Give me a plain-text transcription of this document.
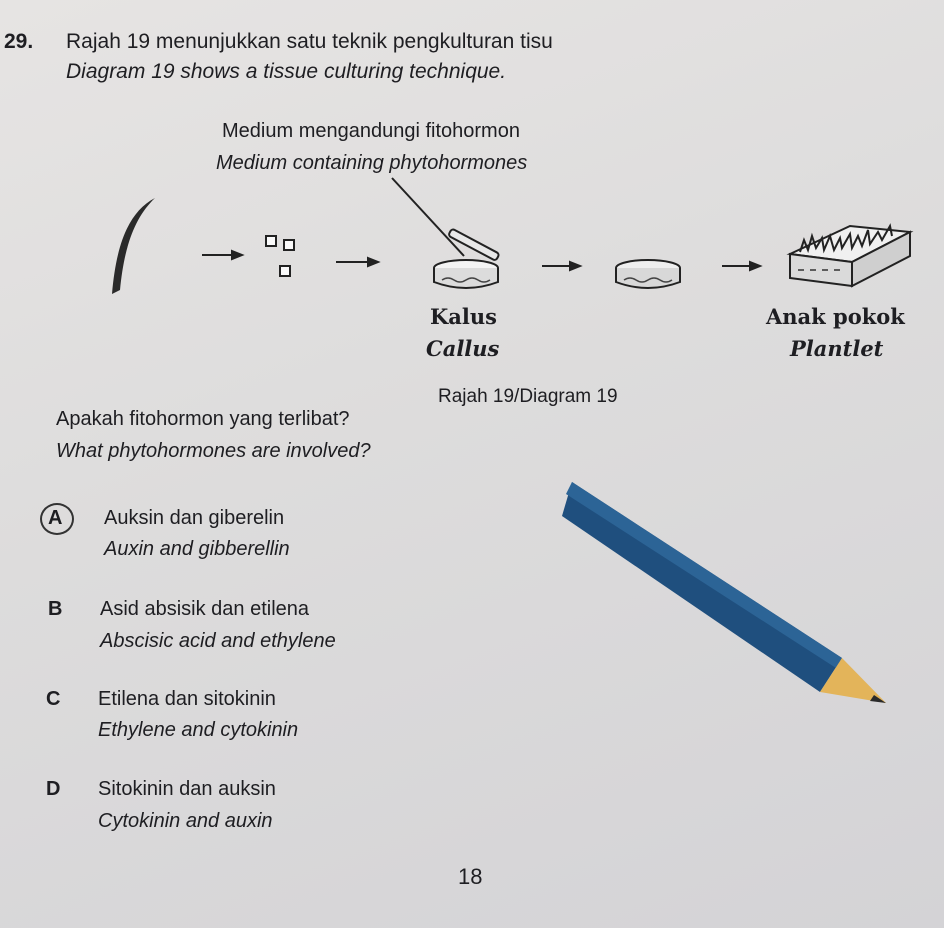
29. Rajah 19 menunjukkan satu teknik pengkulturan tisu
Diagram 19 shows a tissue culturing technique.
Medium mengandungi fitohormon
Medium containing phytohormones
Kalus
Callus
Anak pokok
Plantlet
Rajah 19/Diagram 19
Apakah fitohormon yang terlibat?
What phytohormones are involved?
A Auksin dan giberelin
Auxin and gibberellin
B Asid absisik dan etilena
Abscisic acid and ethylene
C Etilena dan sitokinin
Ethylene and cytokinin
D Sitokinin dan auksin
Cytokinin and auxin
18
